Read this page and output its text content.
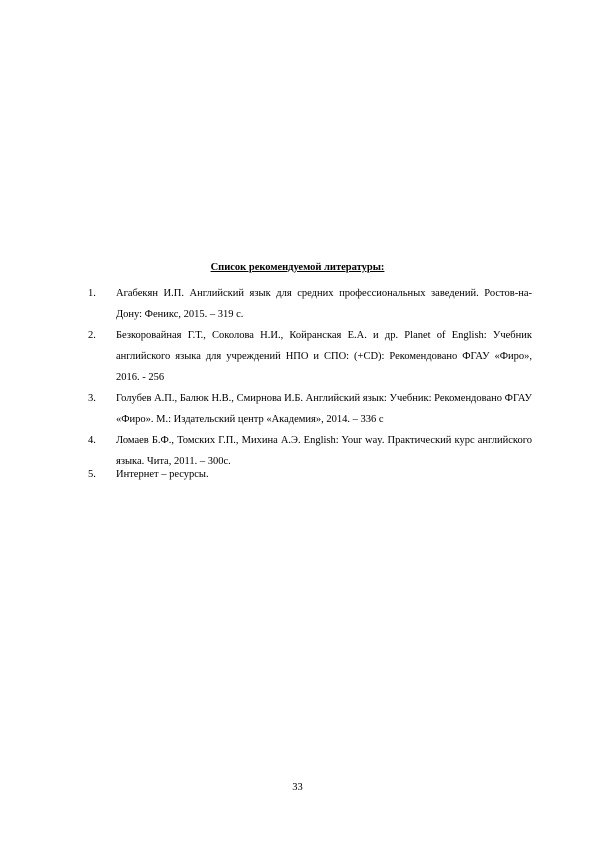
Список рекомендуемой литературы:
1.	Агабекян И.П. Английский язык для средних профессиональных заведений. Ростов-на-Дону: Феникс, 2015. – 319 с.
2.	Безкоровайная Г.Т., Соколова Н.И., Койранская Е.А. и др. Planet of English: Учебник английского языка для учреждений НПО и СПО: (+CD): Рекомендовано ФГАУ «Фиро», 2016. - 256
3.	Голубев А.П., Балюк Н.В., Смирнова И.Б. Английский язык: Учебник: Рекомендовано ФГАУ «Фиро». М.: Издательский центр «Академия», 2014. – 336 с
4.	Ломаев Б.Ф., Томских Г.П., Михина А.Э. English: Your way. Практический курс английского языка. Чита, 2011. – 300с.
5.	Интернет – ресурсы.
33
